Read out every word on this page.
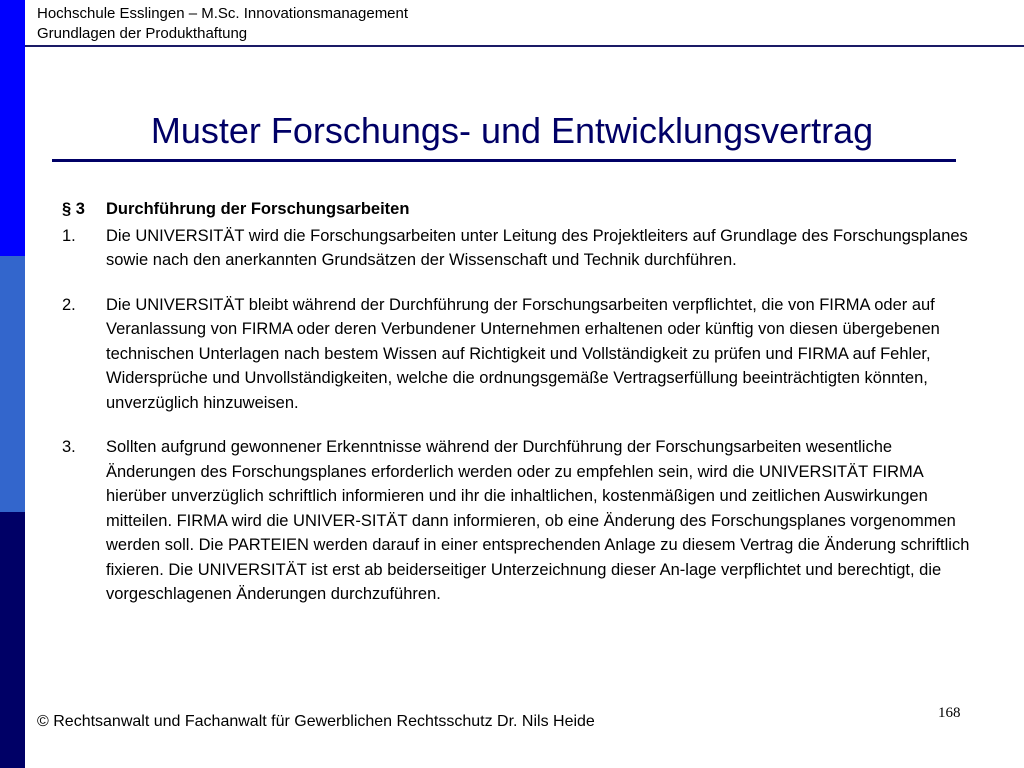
Hochschule Esslingen – M.Sc. Innovationsmanagement
Grundlagen der Produkthaftung
Muster Forschungs- und Entwicklungsvertrag
§ 3 Durchführung der Forschungsarbeiten
1. Die UNIVERSITÄT wird die Forschungsarbeiten unter Leitung des Projektleiters auf Grundlage des Forschungsplanes sowie nach den anerkannten Grundsätzen der Wissenschaft und Technik durchführen.
2. Die UNIVERSITÄT bleibt während der Durchführung der Forschungsarbeiten verpflichtet, die von FIRMA oder auf Veranlassung von FIRMA oder deren Verbundener Unternehmen erhaltenen oder künftig von diesen übergebenen technischen Unterlagen nach bestem Wissen auf Richtigkeit und Vollständigkeit zu prüfen und FIRMA auf Fehler, Widersprüche und Unvollständigkeiten, welche die ordnungsgemäße Vertragserfüllung beeinträchtigten könnten, unverzüglich hinzuweisen.
3. Sollten aufgrund gewonnener Erkenntnisse während der Durchführung der Forschungsarbeiten wesentliche Änderungen des Forschungsplanes erforderlich werden oder zu empfehlen sein, wird die UNIVERSITÄT FIRMA hierüber unverzüglich schriftlich informieren und ihr die inhaltlichen, kostenmäßigen und zeitlichen Auswirkungen mitteilen. FIRMA wird die UNIVER-SITÄT dann informieren, ob eine Änderung des Forschungsplanes vorgenommen werden soll. Die PARTEIEN werden darauf in einer entsprechenden Anlage zu diesem Vertrag die Änderung schriftlich fixieren. Die UNIVERSITÄT ist erst ab beiderseitiger Unterzeichnung dieser An-lage verpflichtet und berechtigt, die vorgeschlagenen Änderungen durchzuführen.
© Rechtsanwalt und Fachanwalt für Gewerblichen Rechtsschutz Dr. Nils Heide	168
